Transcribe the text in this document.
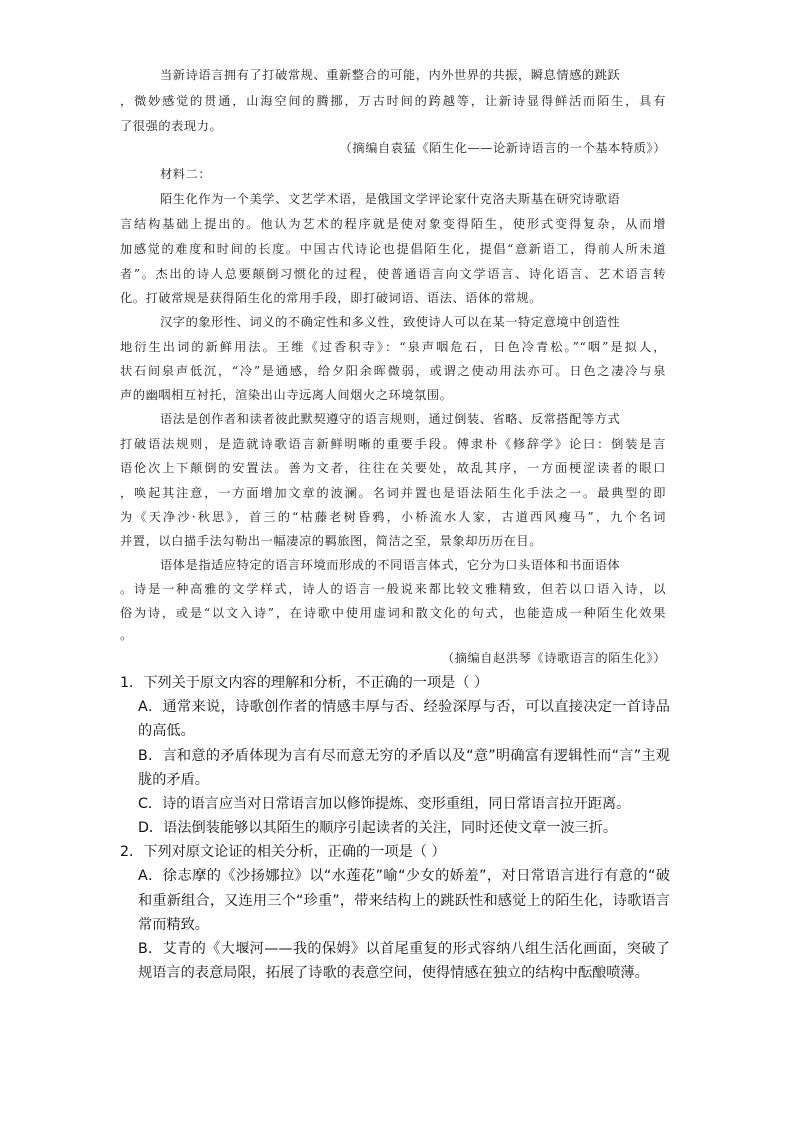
当新诗语言拥有了打破常规、重新整合的可能，内外世界的共振，瞬息情感的跳跃
，微妙感觉的贯通，山海空间的腾挪，万古时间的跨越等，让新诗显得鲜活而陌生，具有
了很强的表现力。
（摘编自袁猛《陌生化——论新诗语言的一个基本特质》）
材料二：
陌生化作为一个美学、文艺学术语，是俄国文学评论家什克洛夫斯基在研究诗歌语
言结构基础上提出的。他认为艺术的程序就是使对象变得陌生，使形式变得复杂，从而增
加感觉的难度和时间的长度。中国古代诗论也提倡陌生化，提倡“意新语工，得前人所未道
者”。杰出的诗人总要颠倒习惯化的过程，使普通语言向文学语言、诗化语言、艺术语言转
化。打破常规是获得陌生化的常用手段，即打破词语、语法、语体的常规。
汉字的象形性、词义的不确定性和多义性，致使诗人可以在某一特定意境中创造性
地衍生出词的新鲜用法。王维《过香积寺》：“泉声咽危石，日色冷青松。”“咽”是拟人，
状石间泉声低沉，“冷”是通感，给夕阳余晖微弱，或谓之使动用法亦可。日色之凄冷与泉
声的幽咽相互衬托，渲染出山寺远离人间烟火之环境氛围。
语法是创作者和读者彼此默契遵守的语言规则，通过倒装、省略、反常搭配等方式
打破语法规则，是造就诗歌语言新鲜明晰的重要手段。傅隶朴《修辞学》论曰：倒装是言
语伦次上下颠倒的安置法。善为文者，往往在关要处，故乱其序，一方面梗涩读者的眼口
，唤起其注意，一方面增加文章的波澜。名词并置也是语法陌生化手法之一。最典型的即
为《天净沙·秋思》，首三的“枯藤老树昏鸦，小桥流水人家，古道西风瘦马”，九个名词
并置，以白描手法勾勒出一幅凄凉的羁旅图，简洁之至，景象却历历在目。
语体是指适应特定的语言环境而形成的不同语言体式，它分为口头语体和书面语体
。诗是一种高雅的文学样式，诗人的语言一般说来都比较文雅精致，但若以口语入诗，以
俗为诗，或是“以文入诗”，在诗歌中使用虚词和散文化的句式，也能造成一种陌生化效果
。
（摘编自赵洪琴《诗歌语言的陌生化》）
1．下列关于原文内容的理解和分析，不正确的一项是（ ）
A．通常来说，诗歌创作者的情感丰厚与否、经验深厚与否，可以直接决定一首诗品
的高低。
B．言和意的矛盾体现为言有尽而意无穷的矛盾以及“意”明确富有逻辑性而“言”主观
胧的矛盾。
C．诗的语言应当对日常语言加以修饰提炼、变形重组，同日常语言拉开距离。
D．语法倒装能够以其陌生的顺序引起读者的关注，同时还使文章一波三折。
2．下列对原文论证的相关分析，正确的一项是（ ）
A．徐志摩的《沙扬娜拉》以“水莲花”喻“少女的娇羞”，对日常语言进行有意的“破
和重新组合，又连用三个“珍重”，带来结构上的跳跃性和感觉上的陌生化，诗歌语言
常而精致。
B．艾青的《大堰河——我的保姆》以首尾重复的形式容纳八组生活化画面，突破了
规语言的表意局限，拓展了诗歌的表意空间，使得情感在独立的结构中酝酿喷薄。
